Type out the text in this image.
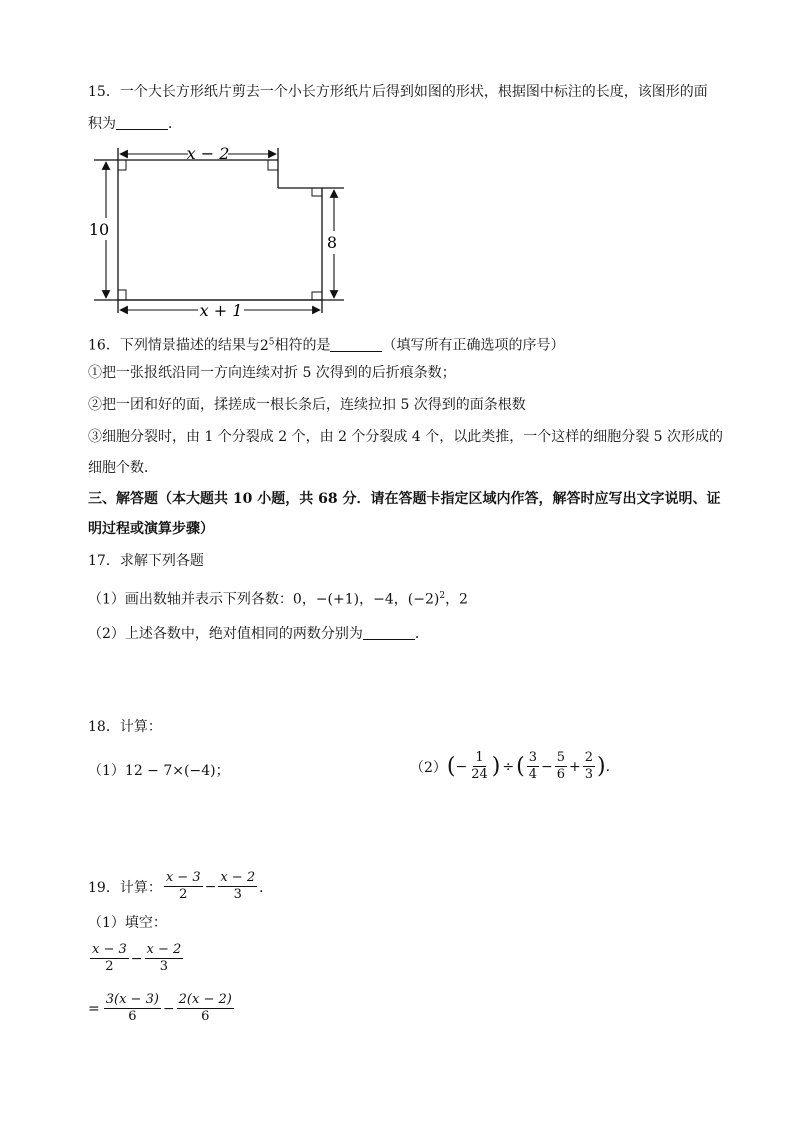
15．一个大长方形纸片剪去一个小长方形纸片后得到如图的形状，根据图中标注的长度，该图形的面
积为	．
x − 2
10
8
x + 1
16．下列情景描述的结果与$2^5$相符的是	（填写所有正确选项的序号）
①把一张报纸沿同一方向连续对折 5 次得到的后折痕条数；
②把一团和好的面，揉搓成一根长条后，连续拉扣 5 次得到的面条根数
③细胞分裂时，由 1 个分裂成 2 个，由 2 个分裂成 4 个，以此类推，一个这样的细胞分裂 5 次形成的
细胞个数．
三、解答题（本大题共 10 小题，共 68 分．请在答题卡指定区域内作答，解答时应写出文字说明、证
明过程或演算步骤）
17．求解下列各题
（1）画出数轴并表示下列各数：0，−(+1)，−4，$(-2)^2$，2
（2）上述各数中，绝对值相同的两数分别为	．
18．计算：
（1）12 − 7×(−4)；	（2） ( − $\frac{1}{24}$ ) ÷ ( $\frac{3}{4} - \frac{5}{6} + \frac{2}{3}$ ) .
19．计算： $\frac{x - 3}{2} - \frac{x - 2}{3}$ ．
（1）填空：
$\frac{x - 3}{2} - \frac{x - 2}{3}$
= $\frac{3(x - 3)}{6} - \frac{2(x - 2)}{6}$
